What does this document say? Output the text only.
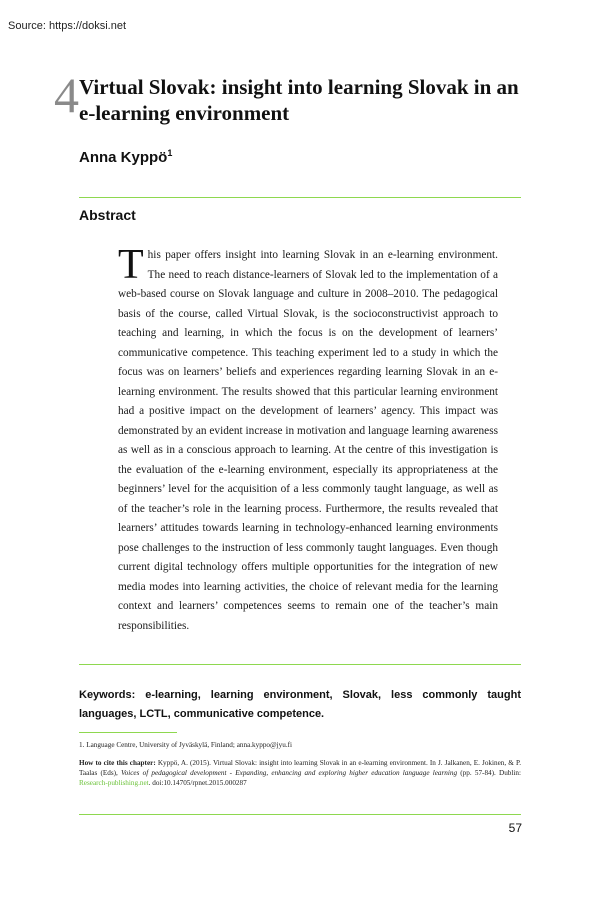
Source: https://doksi.net
4 Virtual Slovak: insight into learning Slovak in an e-learning environment
Anna Kyppö$^1$
Abstract

This paper offers insight into learning Slovak in an e-learning environment. The need to reach distance-learners of Slovak led to the implementation of a web-based course on Slovak language and culture in 2008–2010. The pedagogical basis of the course, called Virtual Slovak, is the socioconstructivist approach to teaching and learning, in which the focus is on the development of learners’ communicative competence. This teaching experiment led to a study in which the focus was on learners’ beliefs and experiences regarding learning Slovak in an e-learning environment. The results showed that this particular learning environment had a positive impact on the development of learners’ agency. This impact was demonstrated by an evident increase in motivation and language learning awareness as well as in a conscious approach to learning. At the centre of this investigation is the evaluation of the e-learning environment, especially its appropriateness at the beginners’ level for the acquisition of a less commonly taught language, as well as of the teacher’s role in the learning process. Furthermore, the results revealed that learners’ attitudes towards learning in technology-enhanced learning environments pose challenges to the instruction of less commonly taught languages. Even though current digital technology offers multiple opportunities for the integration of new media modes into learning activities, the choice of relevant media for the learning context and learners’ competences seems to remain one of the teacher’s main responsibilities.

Keywords: e-learning, learning environment, Slovak, less commonly taught languages, LCTL, communicative competence.

1. Language Centre, University of Jyväskylä, Finland; anna.kyppo@jyu.fi

How to cite this chapter: Kyppö, A. (2015). Virtual Slovak: insight into learning Slovak in an e-learning environment. In J. Jalkanen, E. Jokinen, & P. Taalas (Eds), Voices of pedagogical development - Expanding, enhancing and exploring higher education language learning (pp. 57-84). Dublin: Research-publishing.net. doi:10.14705/rpnet.2015.000287

57
